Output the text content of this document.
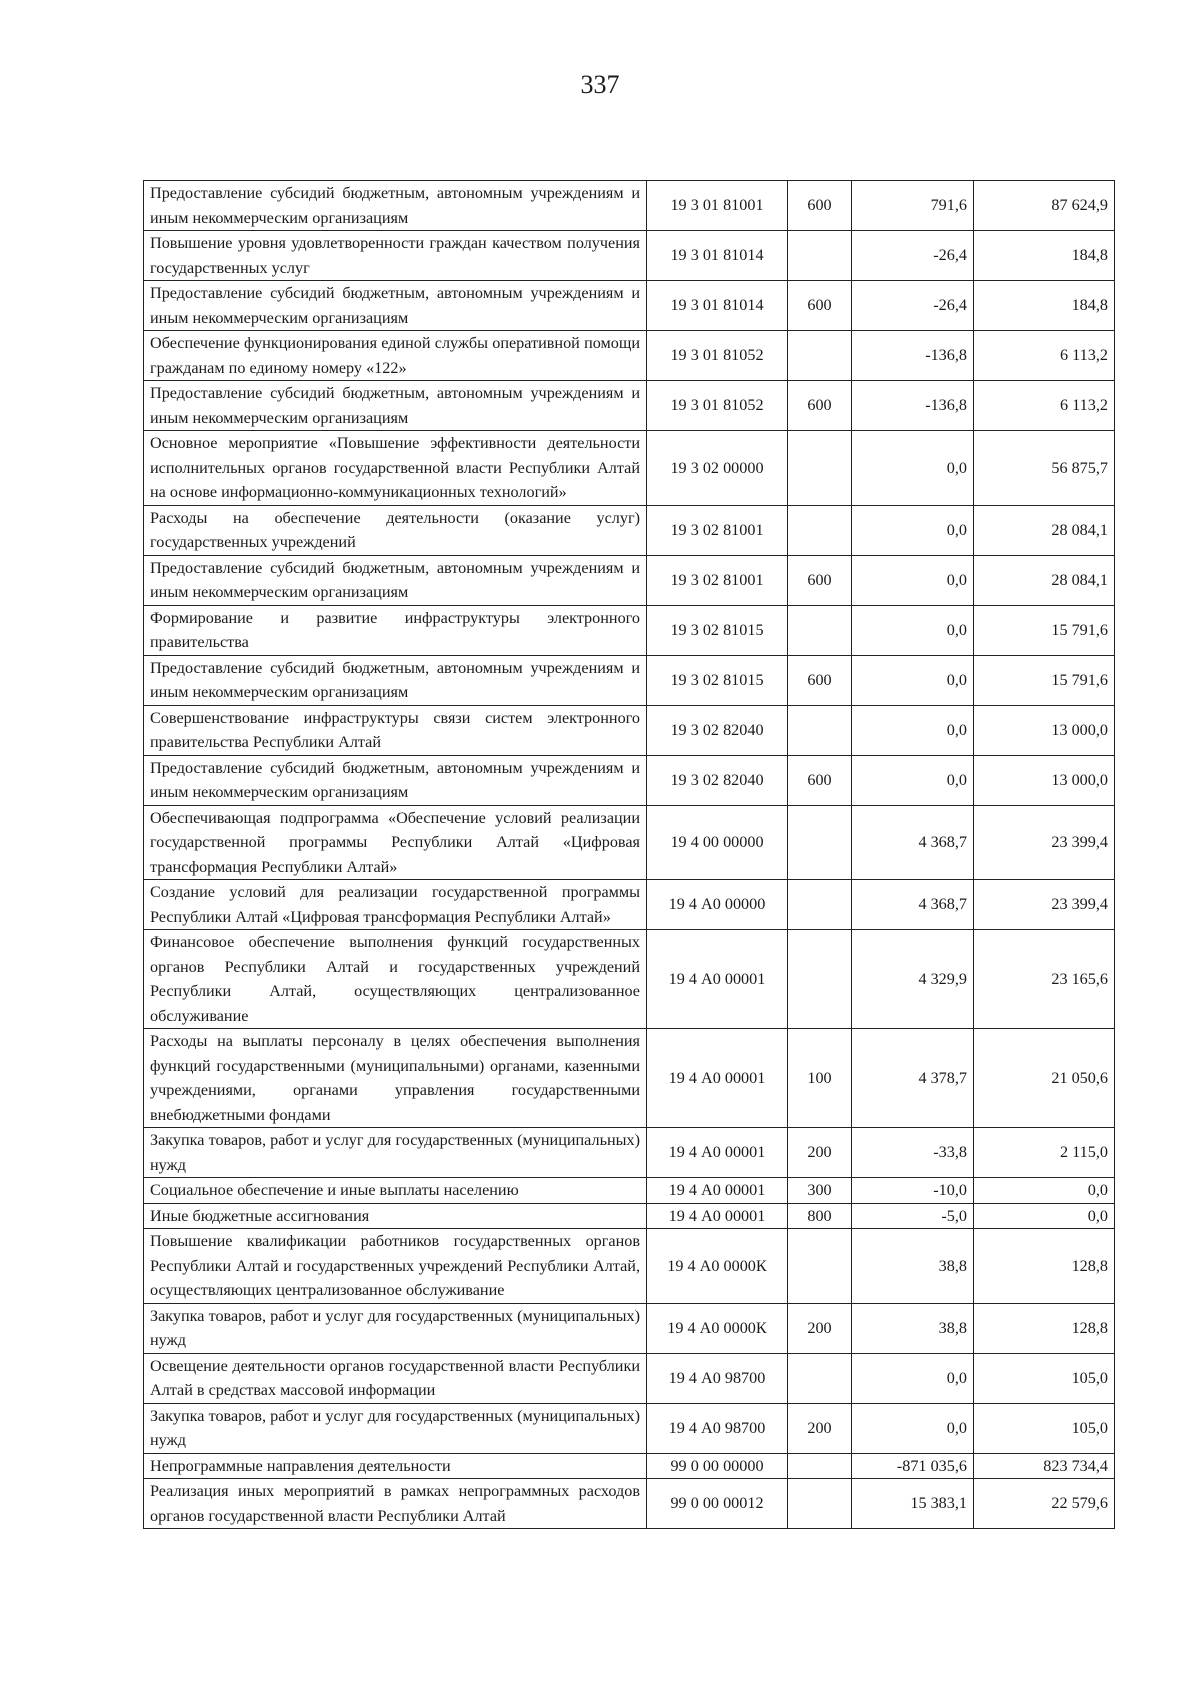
337
Предоставление субсидий бюджетным, автономным учреждениям и иным некоммерческим организациям	19 3 01 81001	600	791,6	87 624,9
Повышение уровня удовлетворенности граждан качеством получения государственных услуг	19 3 01 81014		-26,4	184,8
Предоставление субсидий бюджетным, автономным учреждениям и иным некоммерческим организациям	19 3 01 81014	600	-26,4	184,8
Обеспечение функционирования единой службы оперативной помощи гражданам по единому номеру «122»	19 3 01 81052		-136,8	6 113,2
Предоставление субсидий бюджетным, автономным учреждениям и иным некоммерческим организациям	19 3 01 81052	600	-136,8	6 113,2
Основное мероприятие «Повышение эффективности деятельности исполнительных органов государственной власти Республики Алтай на основе информационно-коммуникационных технологий»	19 3 02 00000		0,0	56 875,7
Расходы на обеспечение деятельности (оказание услуг) государственных учреждений	19 3 02 81001		0,0	28 084,1
Предоставление субсидий бюджетным, автономным учреждениям и иным некоммерческим организациям	19 3 02 81001	600	0,0	28 084,1
Формирование и развитие инфраструктуры электронного правительства	19 3 02 81015		0,0	15 791,6
Предоставление субсидий бюджетным, автономным учреждениям и иным некоммерческим организациям	19 3 02 81015	600	0,0	15 791,6
Совершенствование инфраструктуры связи систем электронного правительства Республики Алтай	19 3 02 82040		0,0	13 000,0
Предоставление субсидий бюджетным, автономным учреждениям и иным некоммерческим организациям	19 3 02 82040	600	0,0	13 000,0
Обеспечивающая подпрограмма «Обеспечение условий реализации государственной программы Республики Алтай «Цифровая трансформация Республики Алтай»	19 4 00 00000		4 368,7	23 399,4
Создание условий для реализации государственной программы Республики Алтай «Цифровая трансформация Республики Алтай»	19 4 А0 00000		4 368,7	23 399,4
Финансовое обеспечение выполнения функций государственных органов Республики Алтай и государственных учреждений Республики Алтай, осуществляющих централизованное обслуживание	19 4 А0 00001		4 329,9	23 165,6
Расходы на выплаты персоналу в целях обеспечения выполнения функций государственными (муниципальными) органами, казенными учреждениями, органами управления государственными внебюджетными фондами	19 4 А0 00001	100	4 378,7	21 050,6
Закупка товаров, работ и услуг для государственных (муниципальных) нужд	19 4 А0 00001	200	-33,8	2 115,0
Социальное обеспечение и иные выплаты населению	19 4 А0 00001	300	-10,0	0,0
Иные бюджетные ассигнования	19 4 А0 00001	800	-5,0	0,0
Повышение квалификации работников государственных органов Республики Алтай и государственных учреждений Республики Алтай, осуществляющих централизованное обслуживание	19 4 А0 0000К		38,8	128,8
Закупка товаров, работ и услуг для государственных (муниципальных) нужд	19 4 А0 0000К	200	38,8	128,8
Освещение деятельности органов государственной власти Республики Алтай в средствах массовой информации	19 4 А0 98700		0,0	105,0
Закупка товаров, работ и услуг для государственных (муниципальных) нужд	19 4 А0 98700	200	0,0	105,0
Непрограммные направления деятельности	99 0 00 00000		-871 035,6	823 734,4
Реализация иных мероприятий в рамках непрограммных расходов органов государственной власти Республики Алтай	99 0 00 00012		15 383,1	22 579,6
